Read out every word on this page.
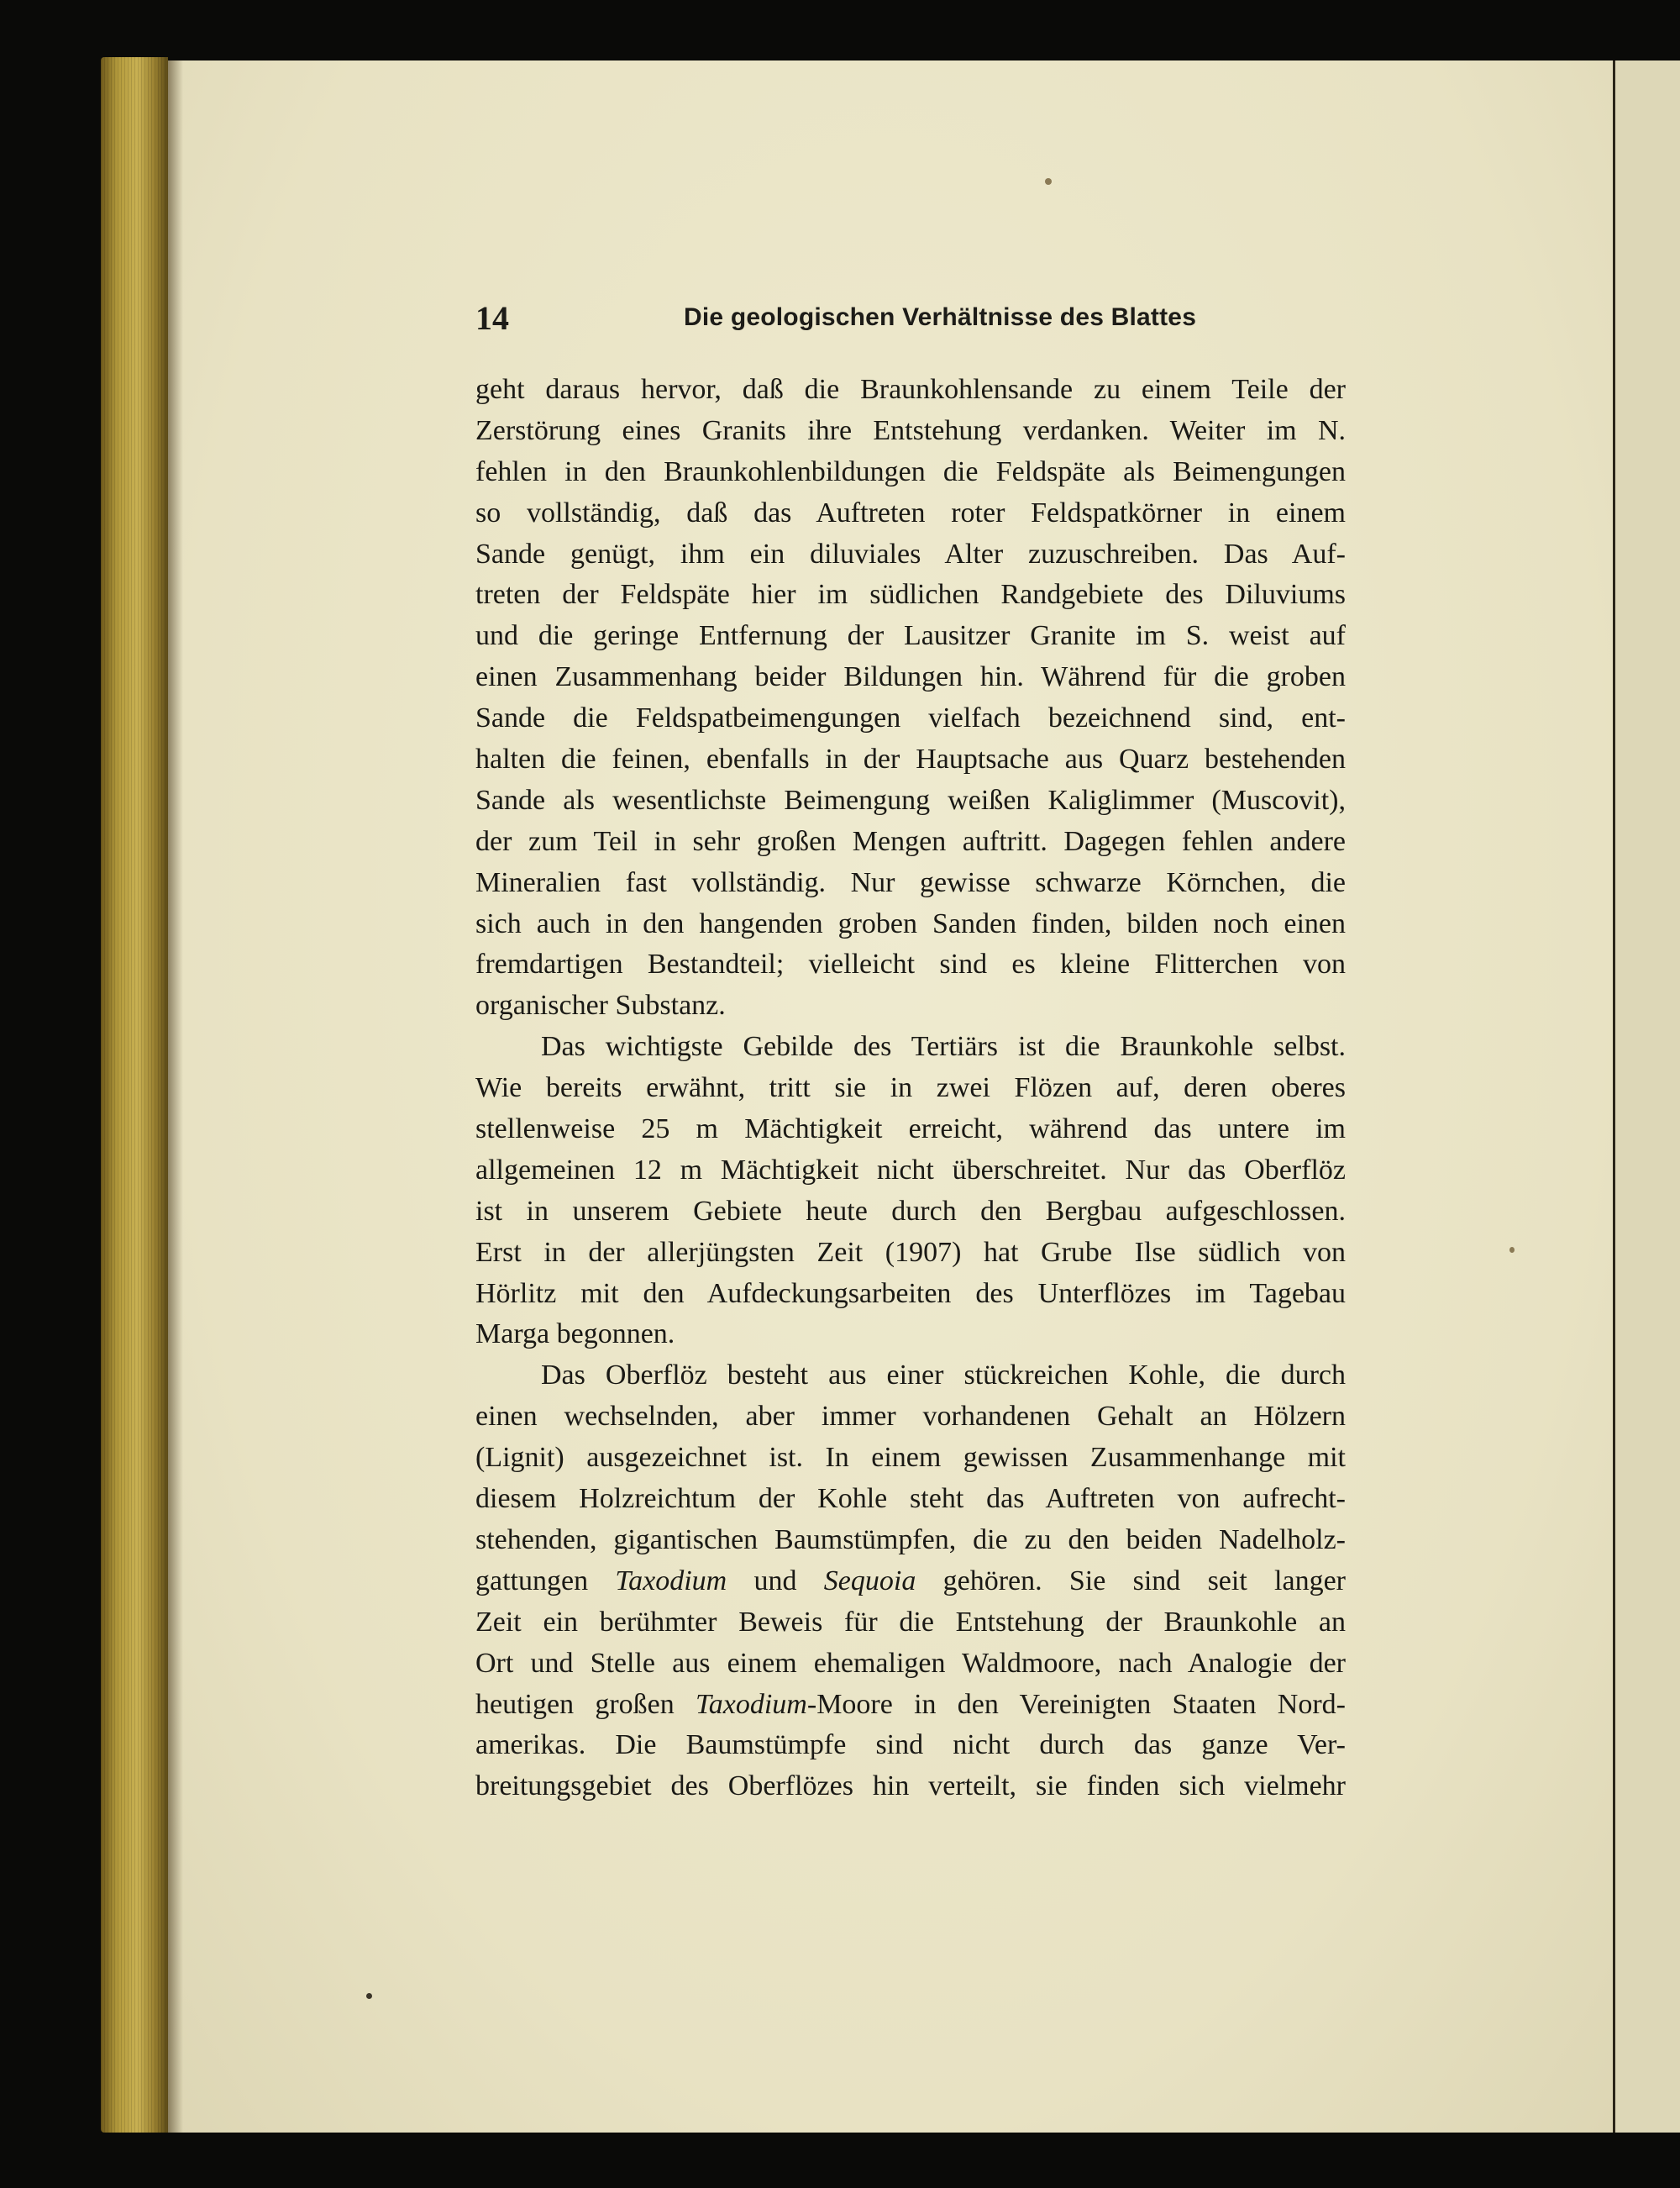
14	Die geologischen Verhältnisse des Blattes
geht daraus hervor, daß die Braunkohlensande zu einem Teile der
Zerstörung eines Granits ihre Entstehung verdanken. Weiter im N.
fehlen in den Braunkohlenbildungen die Feldspäte als Beimengungen
so vollständig, daß das Auftreten roter Feldspatkörner in einem
Sande genügt, ihm ein diluviales Alter zuzuschreiben. Das Auf-
treten der Feldspäte hier im südlichen Randgebiete des Diluviums
und die geringe Entfernung der Lausitzer Granite im S. weist auf
einen Zusammenhang beider Bildungen hin. Während für die groben
Sande die Feldspatbeimengungen vielfach bezeichnend sind, ent-
halten die feinen, ebenfalls in der Hauptsache aus Quarz bestehenden
Sande als wesentlichste Beimengung weißen Kaliglimmer (Muscovit),
der zum Teil in sehr großen Mengen auftritt. Dagegen fehlen andere
Mineralien fast vollständig. Nur gewisse schwarze Körnchen, die
sich auch in den hangenden groben Sanden finden, bilden noch einen
fremdartigen Bestandteil; vielleicht sind es kleine Flitterchen von
organischer Substanz.
Das wichtigste Gebilde des Tertiärs ist die Braunkohle selbst.
Wie bereits erwähnt, tritt sie in zwei Flözen auf, deren oberes
stellenweise 25 m Mächtigkeit erreicht, während das untere im
allgemeinen 12 m Mächtigkeit nicht überschreitet. Nur das Oberflöz
ist in unserem Gebiete heute durch den Bergbau aufgeschlossen.
Erst in der allerjüngsten Zeit (1907) hat Grube Ilse südlich von
Hörlitz mit den Aufdeckungsarbeiten des Unterflözes im Tagebau
Marga begonnen.
Das Oberflöz besteht aus einer stückreichen Kohle, die durch
einen wechselnden, aber immer vorhandenen Gehalt an Hölzern
(Lignit) ausgezeichnet ist. In einem gewissen Zusammenhange mit
diesem Holzreichtum der Kohle steht das Auftreten von aufrecht-
stehenden, gigantischen Baumstümpfen, die zu den beiden Nadelholz-
gattungen Taxodium und Sequoia gehören. Sie sind seit langer
Zeit ein berühmter Beweis für die Entstehung der Braunkohle an
Ort und Stelle aus einem ehemaligen Waldmoore, nach Analogie der
heutigen großen Taxodium-Moore in den Vereinigten Staaten Nord-
amerikas. Die Baumstümpfe sind nicht durch das ganze Ver-
breitungsgebiet des Oberflözes hin verteilt, sie finden sich vielmehr
